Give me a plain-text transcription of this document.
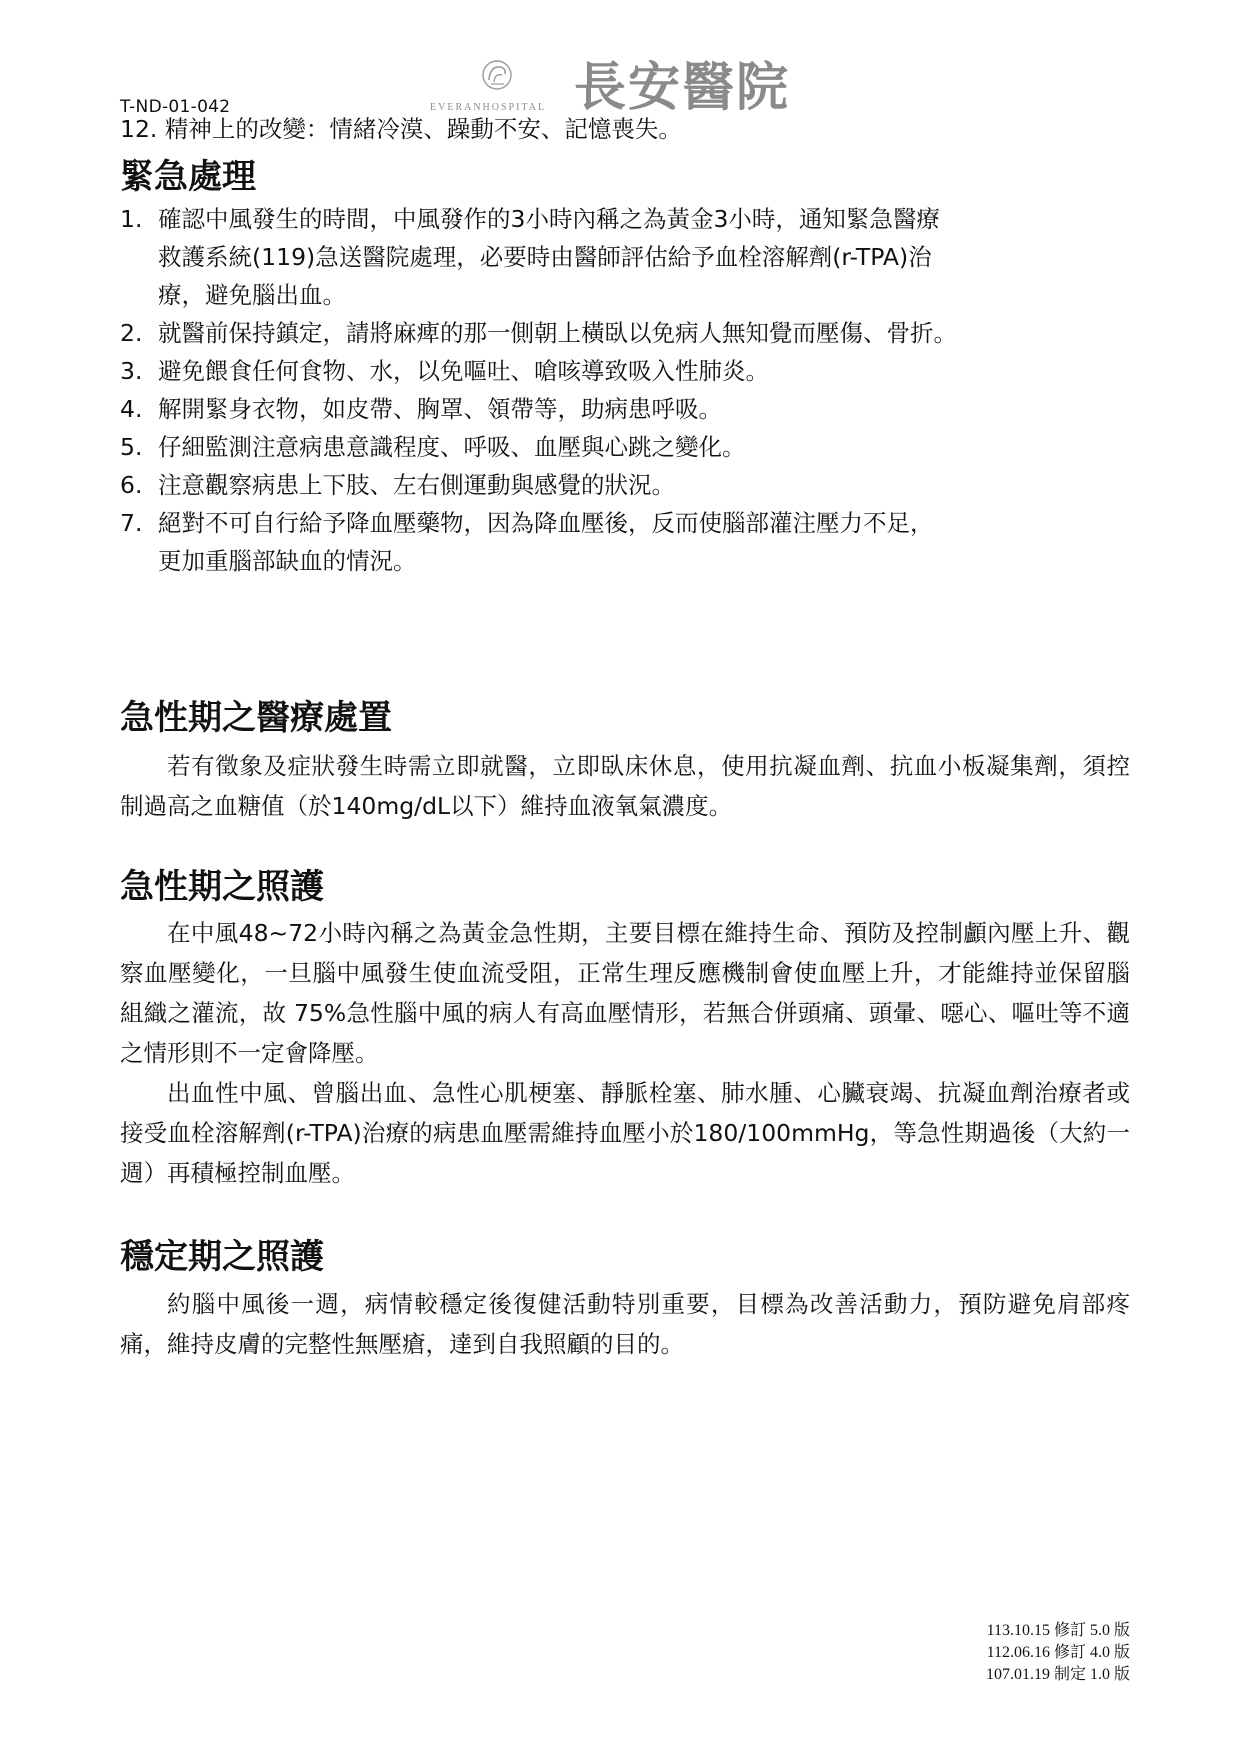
T-ND-01-042	EVERANHOSPITAL 長安醫院
12. 精神上的改變：情緒冷漠、躁動不安、記憶喪失。
緊急處理
1. 確認中風發生的時間，中風發作的3小時內稱之為黃金3小時，通知緊急醫療
救護系統(119)急送醫院處理，必要時由醫師評估給予血栓溶解劑(r-TPA)治
療，避免腦出血。
2. 就醫前保持鎮定，請將麻痺的那一側朝上橫臥以免病人無知覺而壓傷、骨折。
3. 避免餵食任何食物、水，以免嘔吐、嗆咳導致吸入性肺炎。
4. 解開緊身衣物，如皮帶、胸罩、領帶等，助病患呼吸。
5. 仔細監測注意病患意識程度、呼吸、血壓與心跳之變化。
6. 注意觀察病患上下肢、左右側運動與感覺的狀況。
7. 絕對不可自行給予降血壓藥物，因為降血壓後，反而使腦部灌注壓力不足，
更加重腦部缺血的情況。
急性期之醫療處置

若有徵象及症狀發生時需立即就醫，立即臥床休息，使用抗凝血劑、抗血小板凝集劑，須控制過高之血糖值（於140mg/dL以下）維持血液氧氣濃度。

急性期之照護

在中風48~72小時內稱之為黃金急性期，主要目標在維持生命、預防及控制顱內壓上升、觀察血壓變化，一旦腦中風發生使血流受阻，正常生理反應機制會使血壓上升，才能維持並保留腦組織之灌流，故 75%急性腦中風的病人有高血壓情形，若無合併頭痛、頭暈、噁心、嘔吐等不適之情形則不一定會降壓。

出血性中風、曾腦出血、急性心肌梗塞、靜脈栓塞、肺水腫、心臟衰竭、抗凝血劑治療者或接受血栓溶解劑(r-TPA)治療的病患血壓需維持血壓小於180/100mmHg，等急性期過後（大約一週）再積極控制血壓。

穩定期之照護

約腦中風後一週，病情較穩定後復健活動特別重要，目標為改善活動力，預防避免肩部疼痛，維持皮膚的完整性無壓瘡，達到自我照顧的目的。

113.10.15 修訂 5.0 版
112.06.16 修訂 4.0 版
107.01.19 制定 1.0 版
